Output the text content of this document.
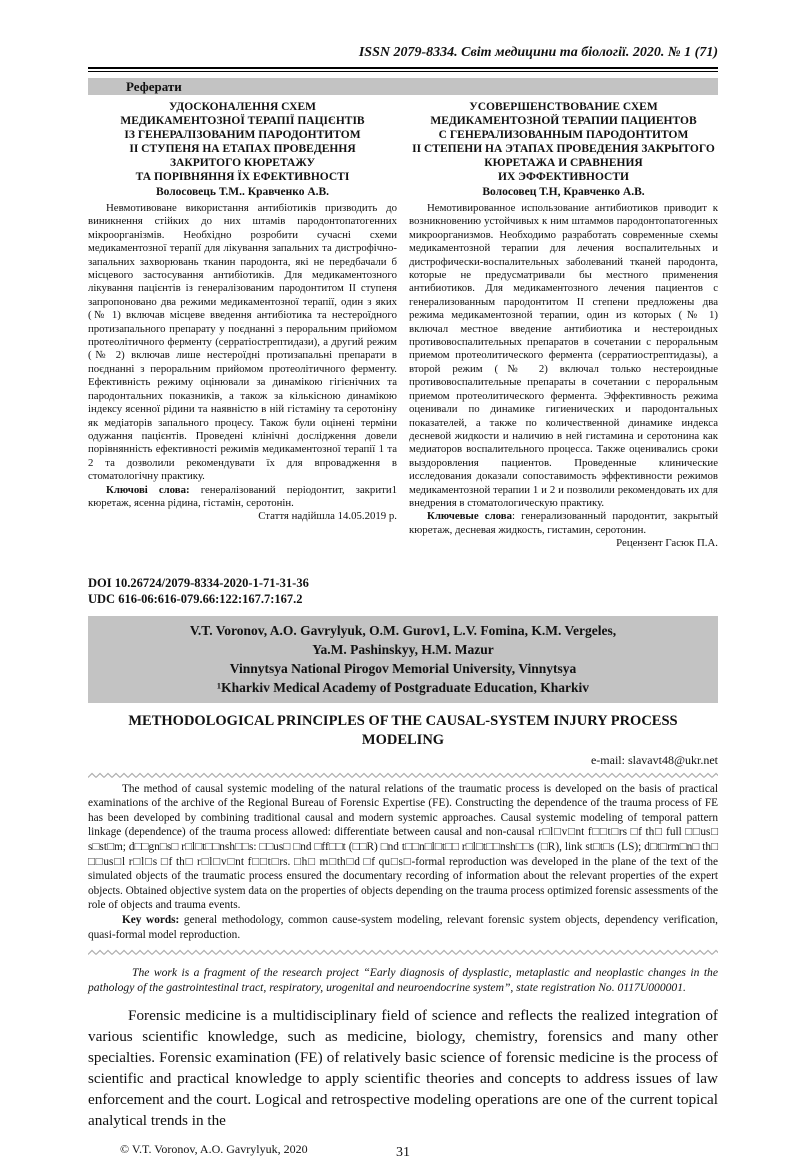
ISSN 2079-8334. Світ медицини та біології. 2020. № 1 (71)
Реферати
УДОСКОНАЛЕННЯ СХЕМ
МЕДИКАМЕНТОЗНОЇ ТЕРАПІЇ ПАЦІЄНТІВ
ІЗ ГЕНЕРАЛІЗОВАНИМ ПАРОДОНТИТОМ
ІІ СТУПЕНЯ НА ЕТАПАХ ПРОВЕДЕННЯ
ЗАКРИТОГО КЮРЕТАЖУ
ТА ПОРІВНЯННЯ ЇХ ЕФЕКТИВНОСТІ
Волосовець Т.М.. Кравченко А.В.
Невмотивоване використання антибіотиків призводить до виникнення стійких до них штамів пародонтопатогенних мікроорганізмів. Необхідно розробити сучасні схеми медикаментозної терапії для лікування запальних та дистрофічно-запальних захворювань тканин пародонта, які не передбачали б місцевого застосування антибіотиків. Для медикаментозного лікування пацієнтів із генералізованим пародонтитом ІІ ступеня запропоновано два режими медикаментозної терапії, один з яких (№ 1) включав місцеве введення антибіотика та нестероїдного протизапального препарату у поєднанні з пероральним прийомом протеолітичного ферменту (серратіострептидази), а другий режим (№ 2) включав лише нестероїдні протизапальні препарати в поєднанні з пероральним прийомом протеолітичного ферменту. Ефективність режиму оцінювали за динамікою гігієнічних та пародонтальних показників, а також за кількісною динамікою індексу ясенної рідини та наявністю в ній гістаміну та серотоніну як медіаторів запального процесу. Також були оцінені терміни одужання пацієнтів. Проведені клінічні дослідження довели порівнянність ефективності режимів медикаментозної терапії 1 та 2 та дозволили рекомендувати їх для впровадження в стоматологічну практику.
Ключові слова: генералізований періодонтит, закрити1 кюретаж, ясенна рідина, гістамін, серотонін.
Стаття надійшла 14.05.2019 р.
УСОВЕРШЕНСТВОВАНИЕ СХЕМ
МЕДИКАМЕНТОЗНОЙ ТЕРАПИИ ПАЦИЕНТОВ
С ГЕНЕРАЛИЗОВАННЫМ ПАРОДОНТИТОМ
ІІ СТЕПЕНИ НА ЭТАПАХ ПРОВЕДЕНИЯ ЗАКРЫТОГО
КЮРЕТАЖА И СРАВНЕНИЯ
ИХ ЭФФЕКТИВНОСТИ
Волосовец Т.Н, Кравченко А.В.
Немотивированное использование антибиотиков приводит к возникновению устойчивых к ним штаммов пародонтопатогенных микроорганизмов. Необходимо разработать современные схемы медикаментозной терапии для лечения воспалительных и дистрофически-воспалительных заболеваний тканей пародонта, которые не предусматривали бы местного применения антибиотиков. Для медикаментозного лечения пациентов с генерализованным пародонтитом ІІ степени предложены два режима медикаментозной терапии, один из которых (№ 1) включал местное введение антибиотика и нестероидных противовоспалительных препаратов в сочетании с пероральным приемом протеолитического фермента (серратиострептидазы), а второй режим (№ 2) включал только нестероидные противовоспалительные препараты в сочетании с пероральным приемом протеолитического фермента. Эффективность режима оценивали по динамике гигиенических и пародонтальных показателей, а также по количественной динамике индекса десневой жидкости и наличию в ней гистамина и серотонина как медиаторов воспалительного процесса. Также оценивались сроки выздоровления пациентов. Проведенные клинические исследования доказали сопоставимость эффективности режимов медикаментозной терапии 1 и 2 и позволили рекомендовать их для внедрения в стоматологическую практику.
Ключевые слова: генерализованный пародонтит, закрытый кюретаж, десневая жидкость, гистамин, серотонин.
Рецензент Гасюк П.А.
DOI 10.26724/2079-8334-2020-1-71-31-36
UDC 616-06:616-079.66:122:167.7:167.2
V.T. Voronov, A.O. Gavrylyuk, O.M. Gurov1, L.V. Fomina, K.M. Vergeles,
Ya.M. Pashinskyy, H.M. Mazur
Vinnytsya National Pirogov Memorial University, Vinnytsya
¹Kharkiv Medical Academy of Postgraduate Education, Kharkiv
METHODOLOGICAL PRINCIPLES OF THE CAUSAL-SYSTEM INJURY PROCESS MODELING
e-mail: slavavt48@ukr.net

The method of causal systemic modeling of the natural relations of the traumatic process is developed on the basis of practical examinations of the archive of the Regional Bureau of Forensic Expertise (FE). Constructing the dependence of the trauma process of FE has been developed by combining traditional causal and modern systemic approaches. Causal systemic modeling of temporal pattern linkage (dependence) of the trauma process allowed: differentiate between causal and non-causal r□l□v□nt f□□t□rs □f th□ full □□us□ s□st□m; d□□gn□s□ r□l□t□□nsh□□s: □□us□ □nd □ff□□t (□□R) □nd t□□n□l□t□□ r□l□t□□nsh□□s (□R), link st□t□s (LS); d□t□rm□n□ th□ □□us□l r□l□s □f th□ r□l□v□nt f□□t□rs. □h□ m□th□d □f qu□s□-formal reproduction was developed in the plane of the text of the simulated objects of the traumatic process ensured the documentary recording of information about the relevant properties of the expert objects. Obtained objective system data on the properties of objects depending on the trauma process optimized forensic assessments of the role of objects and trauma events.

Key words: general methodology, common cause-system modeling, relevant forensic system objects, dependency verification, quasi-formal model reproduction.

The work is a fragment of the research project “Early diagnosis of dysplastic, metaplastic and neoplastic changes in the pathology of the gastrointestinal tract, respiratory, urogenital and neuroendocrine system”, state registration No. 0117U000001.
Forensic medicine is a multidisciplinary field of science and reflects the realized integration of various scientific knowledge, such as medicine, biology, chemistry, forensics and many other specialties. Forensic examination (FE) of relatively basic science of forensic medicine is the process of scientific and practical knowledge to apply scientific theories and concepts to address issues of law enforcement and the court. Logical and retrospective modeling operations are one of the current topical analytical trends in the
© V.T. Voronov, A.O. Gavrylyuk, 2020	31
